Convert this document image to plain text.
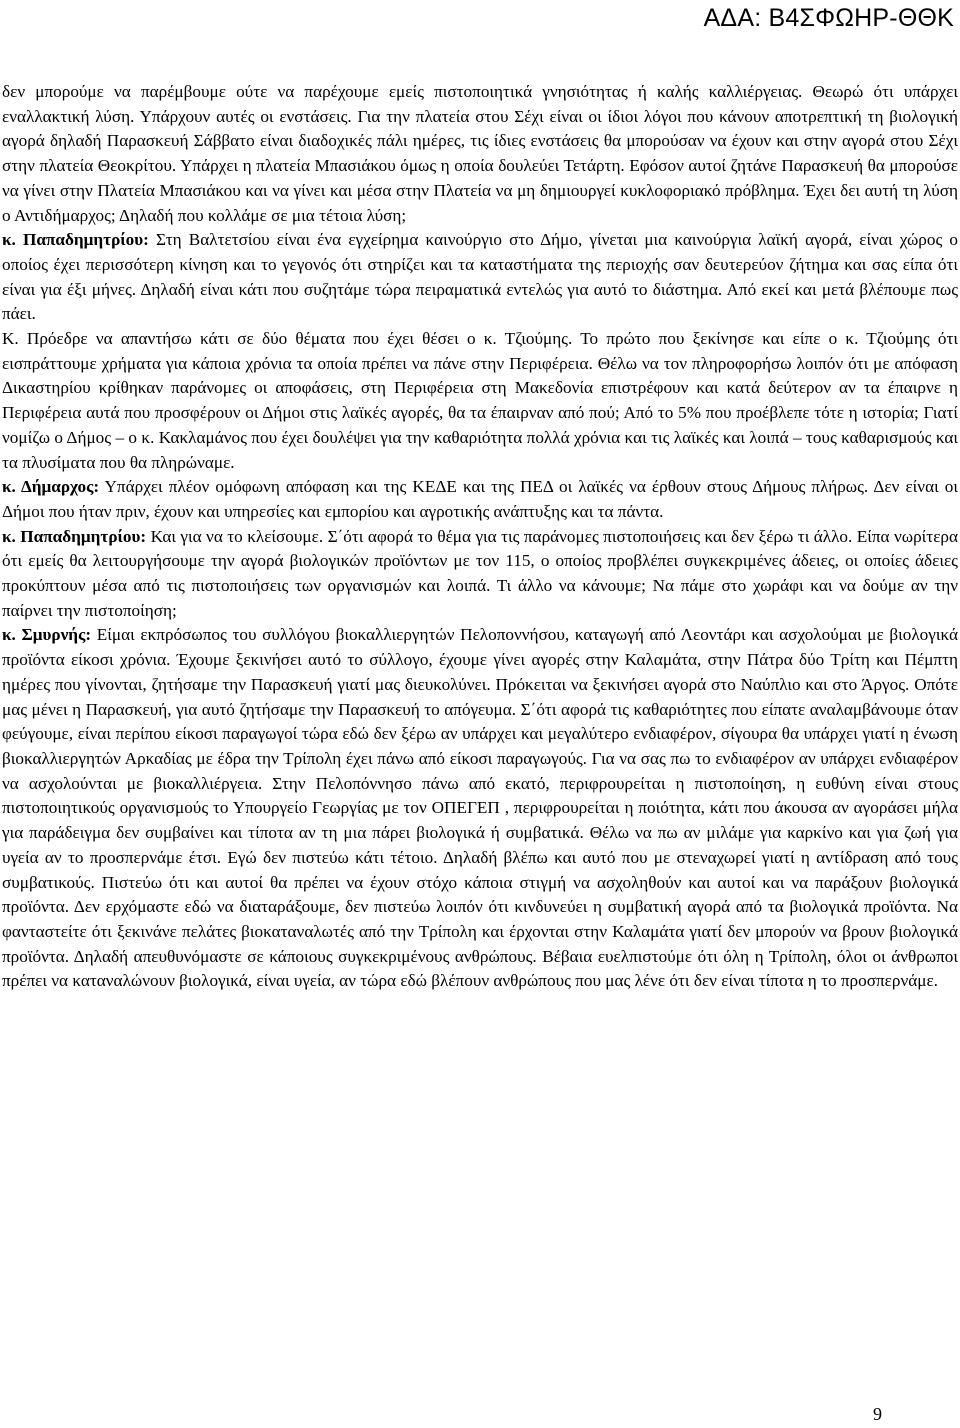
ΑΔΑ: Β4ΣΦΩΗΡ-ΘΘΚ

δεν μπορούμε να παρέμβουμε ούτε να παρέχουμε εμείς πιστοποιητικά γνησιότητας ή καλής καλλιέργειας. Θεωρώ ότι υπάρχει εναλλακτική λύση. Υπάρχουν αυτές οι ενστάσεις. Για την πλατεία στου Σέχι είναι οι ίδιοι λόγοι που κάνουν αποτρεπτική τη βιολογική αγορά δηλαδή Παρασκευή Σάββατο είναι διαδοχικές πάλι ημέρες, τις ίδιες ενστάσεις θα μπορούσαν να έχουν και στην αγορά στου Σέχι στην πλατεία Θεοκρίτου. Υπάρχει η πλατεία Μπασιάκου όμως η οποία δουλεύει Τετάρτη. Εφόσον αυτοί ζητάνε Παρασκευή θα μπορούσε να γίνει στην Πλατεία Μπασιάκου και να γίνει και μέσα στην Πλατεία να μη δημιουργεί κυκλοφοριακό πρόβλημα. Έχει δει αυτή τη λύση ο Αντιδήμαρχος; Δηλαδή που κολλάμε σε μια τέτοια λύση;

κ. Παπαδημητρίου: Στη Βαλτετσίου είναι ένα εγχείρημα καινούργιο στο Δήμο, γίνεται μια καινούργια λαϊκή αγορά, είναι χώρος ο οποίος έχει περισσότερη κίνηση και το γεγονός ότι στηρίζει και τα καταστήματα της περιοχής σαν δευτερεύον ζήτημα και σας είπα ότι είναι για έξι μήνες. Δηλαδή είναι κάτι που συζητάμε τώρα πειραματικά εντελώς για αυτό το διάστημα. Από εκεί και μετά βλέπουμε πως πάει.

Κ. Πρόεδρε να απαντήσω κάτι σε δύο θέματα που έχει θέσει ο κ. Τζιούμης. Το πρώτο που ξεκίνησε και είπε ο κ. Τζιούμης ότι εισπράττουμε χρήματα για κάποια χρόνια τα οποία πρέπει να πάνε στην Περιφέρεια. Θέλω να τον πληροφορήσω λοιπόν ότι με απόφαση Δικαστηρίου κρίθηκαν παράνομες οι αποφάσεις, στη Περιφέρεια στη Μακεδονία επιστρέφουν και κατά δεύτερον αν τα έπαιρνε η Περιφέρεια αυτά που προσφέρουν οι Δήμοι στις λαϊκές αγορές, θα τα έπαιρναν από πού; Από το 5% που προέβλεπε τότε η ιστορία; Γιατί νομίζω ο Δήμος – ο κ. Κακλαμάνος που έχει δουλέψει για την καθαριότητα πολλά χρόνια και τις λαϊκές και λοιπά – τους καθαρισμούς και τα πλυσίματα που θα πληρώναμε.

κ. Δήμαρχος: Υπάρχει πλέον ομόφωνη απόφαση και της ΚΕΔΕ και της ΠΕΔ οι λαϊκές να έρθουν στους Δήμους πλήρως. Δεν είναι οι Δήμοι που ήταν πριν, έχουν και υπηρεσίες και εμπορίου και αγροτικής ανάπτυξης και τα πάντα.

κ. Παπαδημητρίου: Και για να το κλείσουμε. Σ΄ότι αφορά το θέμα για τις παράνομες πιστοποιήσεις και δεν ξέρω τι άλλο. Είπα νωρίτερα ότι εμείς θα λειτουργήσουμε την αγορά βιολογικών προϊόντων με τον 115, ο οποίος προβλέπει συγκεκριμένες άδειες, οι οποίες άδειες προκύπτουν μέσα από τις πιστοποιήσεις των οργανισμών και λοιπά. Τι άλλο να κάνουμε; Να πάμε στο χωράφι και να δούμε αν την παίρνει την πιστοποίηση;

κ. Σμυρνής: Είμαι εκπρόσωπος του συλλόγου βιοκαλλιεργητών Πελοποννήσου, καταγωγή από Λεοντάρι και ασχολούμαι με βιολογικά προϊόντα είκοσι χρόνια. Έχουμε ξεκινήσει αυτό το σύλλογο, έχουμε γίνει αγορές στην Καλαμάτα, στην Πάτρα δύο Τρίτη και Πέμπτη ημέρες που γίνονται, ζητήσαμε την Παρασκευή γιατί μας διευκολύνει. Πρόκειται να ξεκινήσει αγορά στο Ναύπλιο και στο Άργος. Οπότε μας μένει η Παρασκευή, για αυτό ζητήσαμε την Παρασκευή το απόγευμα. Σ΄ότι αφορά τις καθαριότητες που είπατε αναλαμβάνουμε όταν φεύγουμε, είναι περίπου είκοσι παραγωγοί τώρα εδώ δεν ξέρω αν υπάρχει και μεγαλύτερο ενδιαφέρον, σίγουρα θα υπάρχει γιατί η ένωση βιοκαλλιεργητών Αρκαδίας με έδρα την Τρίπολη έχει πάνω από είκοσι παραγωγούς. Για να σας πω το ενδιαφέρον αν υπάρχει ενδιαφέρον να ασχολούνται με βιοκαλλιέργεια. Στην Πελοπόννησο πάνω από εκατό, περιφρουρείται η πιστοποίηση, η ευθύνη είναι στους πιστοποιητικούς οργανισμούς το Υπουργείο Γεωργίας με τον ΟΠΕΓΕΠ , περιφρουρείται η ποιότητα, κάτι που άκουσα αν αγοράσει μήλα για παράδειγμα δεν συμβαίνει και τίποτα αν τη μια πάρει βιολογικά ή συμβατικά. Θέλω να πω αν μιλάμε για καρκίνο και για ζωή για υγεία αν το προσπερνάμε έτσι. Εγώ δεν πιστεύω κάτι τέτοιο. Δηλαδή βλέπω και αυτό που με στεναχωρεί γιατί η αντίδραση από τους συμβατικούς. Πιστεύω ότι και αυτοί θα πρέπει να έχουν στόχο κάποια στιγμή να ασχοληθούν και αυτοί και να παράξουν βιολογικά προϊόντα. Δεν ερχόμαστε εδώ να διαταράξουμε, δεν πιστεύω λοιπόν ότι κινδυνεύει η συμβατική αγορά από τα βιολογικά προϊόντα. Να φανταστείτε ότι ξεκινάνε πελάτες βιοκαταναλωτές από την Τρίπολη και έρχονται στην Καλαμάτα γιατί δεν μπορούν να βρουν βιολογικά προϊόντα. Δηλαδή απευθυνόμαστε σε κάποιους συγκεκριμένους ανθρώπους. Βέβαια ευελπιστούμε ότι όλη η Τρίπολη, όλοι οι άνθρωποι πρέπει να καταναλώνουν βιολογικά, είναι υγεία, αν τώρα εδώ βλέπουν ανθρώπους που μας λένε ότι δεν είναι τίποτα η το προσπερνάμε.

9
